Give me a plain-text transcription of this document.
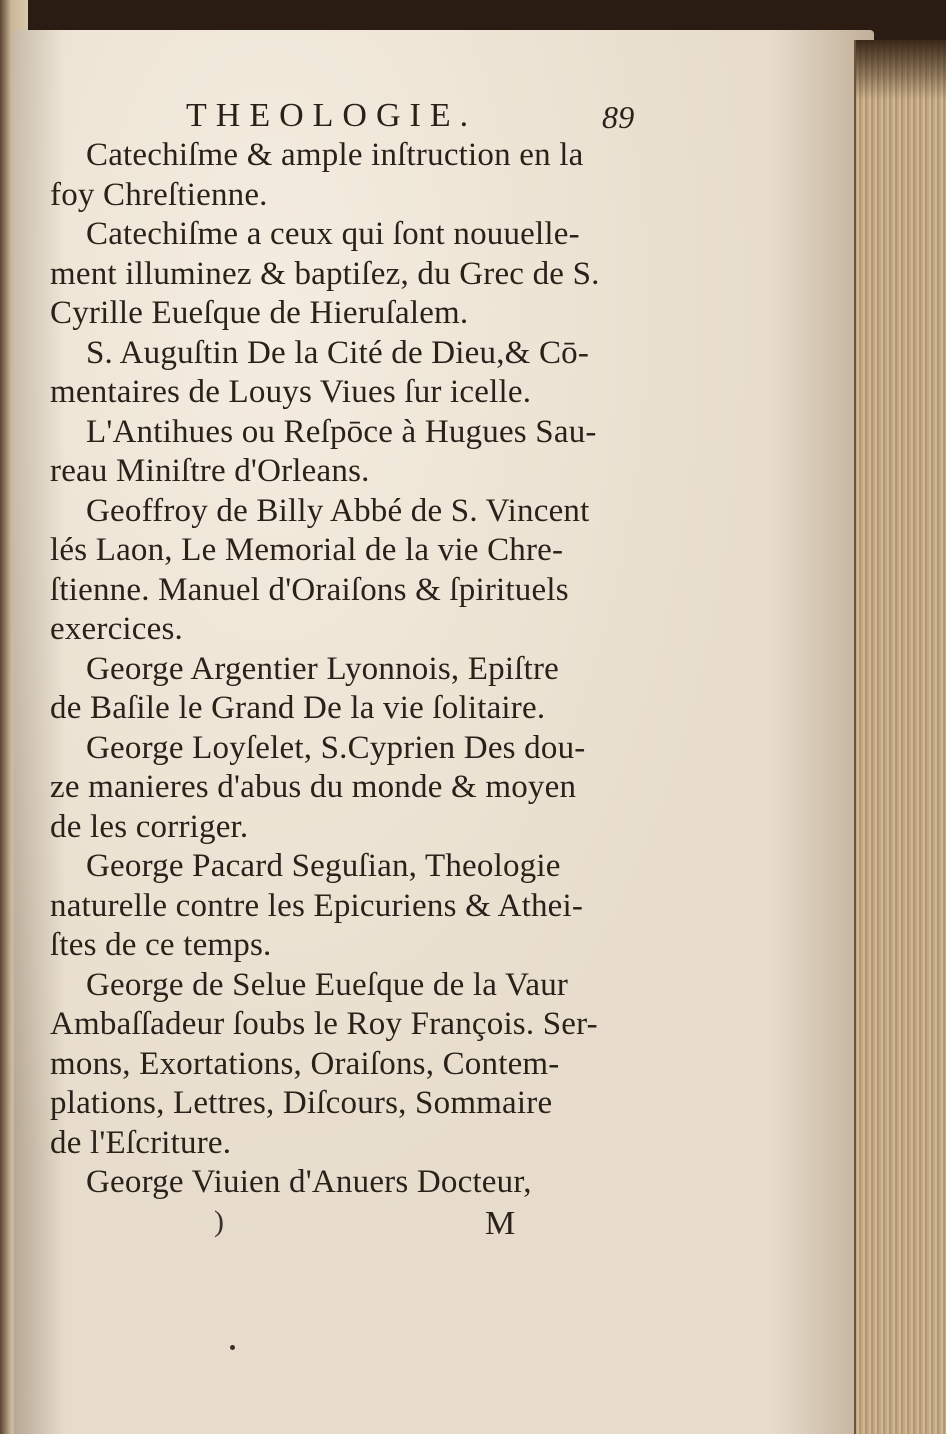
THEOLOGIE.	89
Catechiſme & ample inſtruction en la
foy Chreſtienne.
Catechiſme a ceux qui ſont nouuelle-
ment illuminez & baptiſez, du Grec de S.
Cyrille Eueſque de Hieruſalem.
S. Auguſtin De la Cité de Dieu,& Cō-
mentaires de Louys Viues ſur icelle.
L'Antihues ou Reſpōce à Hugues Sau-
reau Miniſtre d'Orleans.
Geoffroy de Billy Abbé de S. Vincent
lés Laon, Le Memorial de la vie Chre-
ſtienne. Manuel d'Oraiſons & ſpirituels
exercices.
George Argentier Lyonnois, Epiſtre
de Baſile le Grand De la vie ſolitaire.
George Loyſelet, S.Cyprien Des dou-
ze manieres d'abus du monde & moyen
de les corriger.
George Pacard Seguſian, Theologie
naturelle contre les Epicuriens & Athei-
ſtes de ce temps.
George de Selue Eueſque de la Vaur
Ambaſſadeur ſoubs le Roy François. Ser-
mons, Exortations, Oraiſons, Contem-
plations, Lettres, Diſcours, Sommaire
de l'Eſcriture.
George Viuien d'Anuers Docteur,
)	M
